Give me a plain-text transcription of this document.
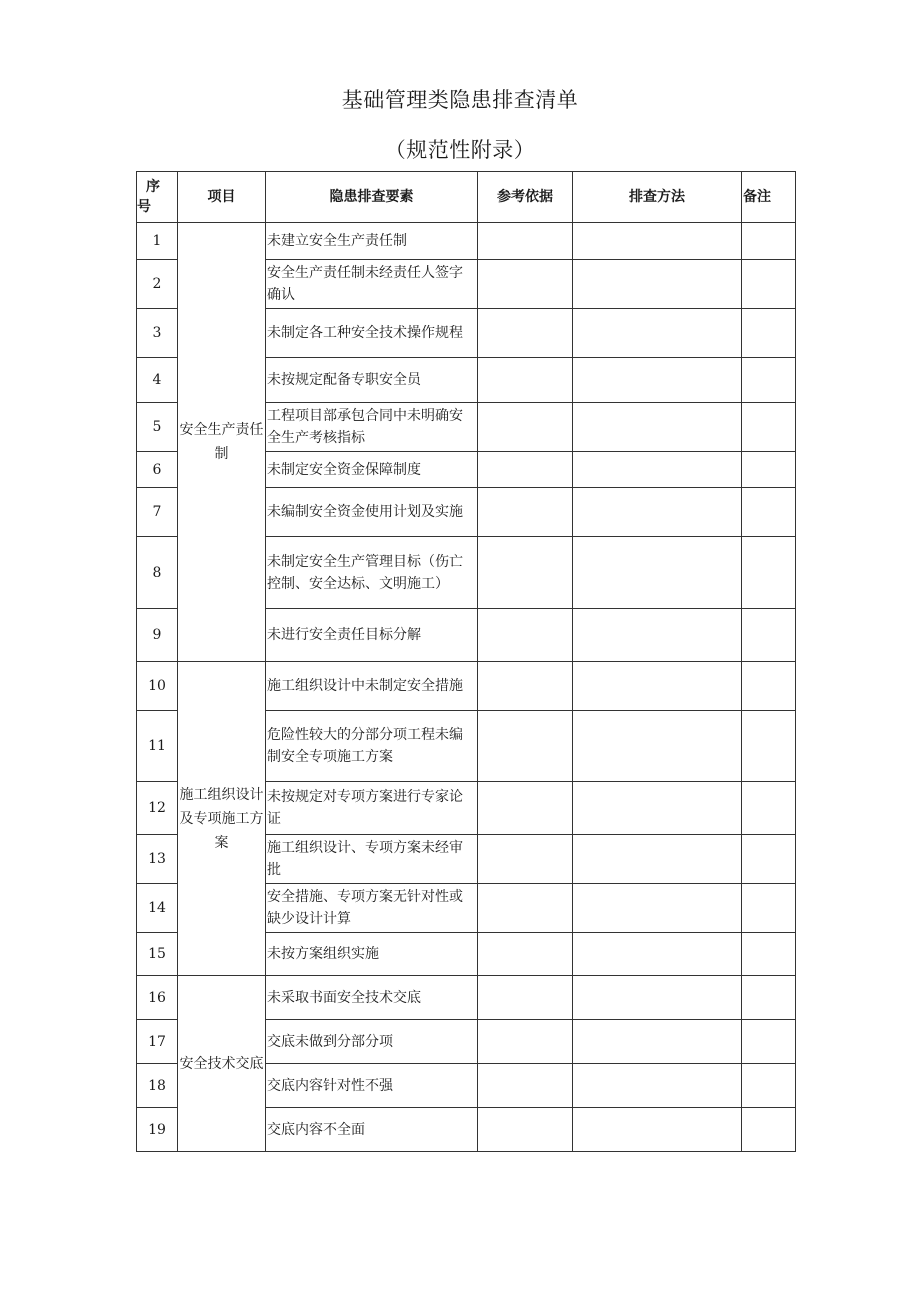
基础管理类隐患排查清单
（规范性附录）
序
号	项目	隐患排查要素	参考依据	排查方法	备注
1	安全生产责任制	未建立安全生产责任制			
2		安全生产责任制未经责任人签字确认			
3		未制定各工种安全技术操作规程			
4		未按规定配备专职安全员			
5		工程项目部承包合同中未明确安全生产考核指标			
6		未制定安全资金保障制度			
7		未编制安全资金使用计划及实施			
8		未制定安全生产管理目标（伤亡控制、安全达标、文明施工）			
9		未进行安全责任目标分解			
10	施工组织设计及专项施工方案	施工组织设计中未制定安全措施			
11		危险性较大的分部分项工程未编制安全专项施工方案			
12		未按规定对专项方案进行专家论证			
13		施工组织设计、专项方案未经审批			
14		安全措施、专项方案无针对性或缺少设计计算			
15		未按方案组织实施			
16	安全技术交底	未采取书面安全技术交底			
17		交底未做到分部分项			
18		交底内容针对性不强			
19		交底内容不全面			
